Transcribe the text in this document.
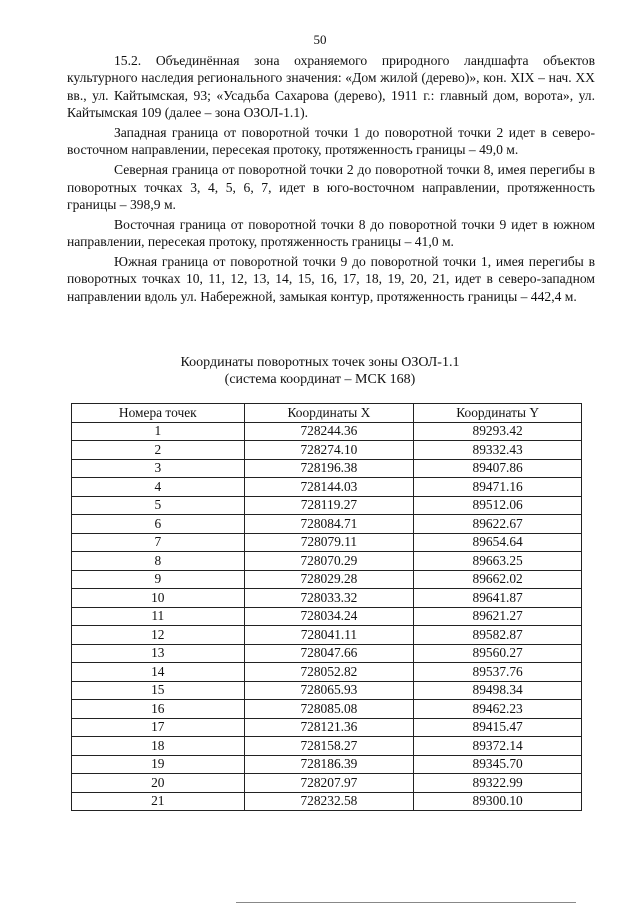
50

15.2. Объединённая зона охраняемого природного ландшафта объектов культурного наследия регионального значения: «Дом жилой (дерево)», кон. XIX – нач. XX вв., ул. Кайтымская, 93; «Усадьба Сахарова (дерево), 1911 г.: главный дом, ворота», ул. Кайтымская 109 (далее – зона ОЗОЛ-1.1).

Западная граница от поворотной точки 1 до поворотной точки 2 идет в северо-восточном направлении, пересекая протоку, протяженность границы – 49,0 м.

Северная граница от поворотной точки 2 до поворотной точки 8, имея перегибы в поворотных точках 3, 4, 5, 6, 7, идет в юго-восточном направлении, протяженность границы – 398,9 м.

Восточная граница от поворотной точки 8 до поворотной точки 9 идет в южном направлении, пересекая протоку, протяженность границы – 41,0 м.

Южная граница от поворотной точки 9 до поворотной точки 1, имея перегибы в поворотных точках 10, 11, 12, 13, 14, 15, 16, 17, 18, 19, 20, 21, идет в северо-западном направлении вдоль ул. Набережной, замыкая контур, протяженность границы – 442,4 м.

Координаты поворотных точек зоны ОЗОЛ-1.1
(система координат – МСК 168)
Номера точек	Координаты X	Координаты Y
1	728244.36	89293.42
2	728274.10	89332.43
3	728196.38	89407.86
4	728144.03	89471.16
5	728119.27	89512.06
6	728084.71	89622.67
7	728079.11	89654.64
8	728070.29	89663.25
9	728029.28	89662.02
10	728033.32	89641.87
11	728034.24	89621.27
12	728041.11	89582.87
13	728047.66	89560.27
14	728052.82	89537.76
15	728065.93	89498.34
16	728085.08	89462.23
17	728121.36	89415.47
18	728158.27	89372.14
19	728186.39	89345.70
20	728207.97	89322.99
21	728232.58	89300.10
